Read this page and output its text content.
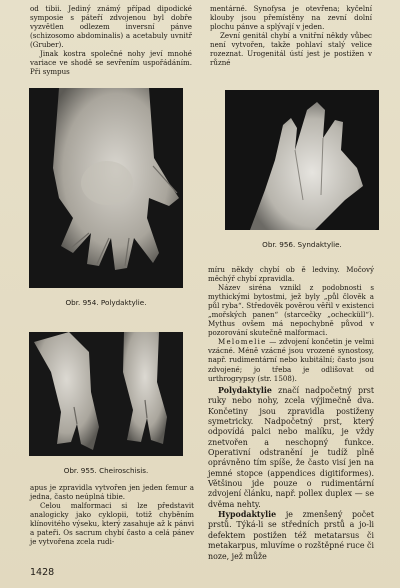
od tibii. Jediný známý případ dipodické symposie s páteří zdvojenou byl dobře vyzvětlen odlezem inversní pánve (schizosomo abdominalis) a acetabuly uvnitř (Gruber).

Jinak kostra společné nohy jeví mnohé variace ve shodě se sevřením uspořádáním. Při sympus

mentárné. Synofysa je otevřena; kyčelní klouby jsou přemístěny na zevní dolní plochu pánve a splývají v jeden.

Zevní genitál chybí a vnitřní někdy vůbec není vytvořen, takže pohlaví stalý velice rozeznat. Urogenitál ústí jest je postižen v různé

Obr. 954. Polydaktylie.
Obr. 956. Syndaktylie.

míru někdy chybí ob ě ledviny. Močový měchýř chybí zpravidla.

Název siréna vznikl z podobnosti s mythickými bytostmi, jež byly „půl člověk a půl ryba“. Středověk pověrou věřil v existenci „mořských panen“ (starcečky „ochecküll“). Mythus ovšem má nepochybně původ v pozorování skutečně malformaci.

Melomelie — zdvojení končetin je velmi vzácné. Méně vzácné jsou vrozené synostosy, např. rudimentární nebo kubitální; často jsou zdvojené; jo třeba je odlišovat od urthrogrypsy (str. 1508).

Obr. 955. Cheiroschisis.

apus je zpravidla vytvořen jen jeden femur a jedna, často neúplná tibie.

Celou malformaci si lze představit analogicky jako cyklopii, totiž chyběním klínovitého výseku, který zasahuje až k pánvi a pateři. Os sacrum chybí často a celá pánev je vytvořena zcela rudi-

Polydaktylie značí nadpočetný prst ruky nebo nohy, zcela výjimečně dva. Končetiny jsou zpravidla postiženy symetricky. Nadpočetný prst, který odpovídá palci nebo malíku, je vždy znetvořen a neschopný funkce. Operativní odstranění je tudíž plně oprávněno tím spíše, že často visí jen na jemné stopce (appendices digitiformes). Většinou jde pouze o rudimentární zdvojení článku, např. pollex duplex — se dvěma nehty.

Hypodaktylie je zmenšený počet prstů. Týká-li se středních prstů a jo-li defektem postižen též metatarsus či metakarpus, mluvíme o rozštěpné ruce či noze, jež může

1428
